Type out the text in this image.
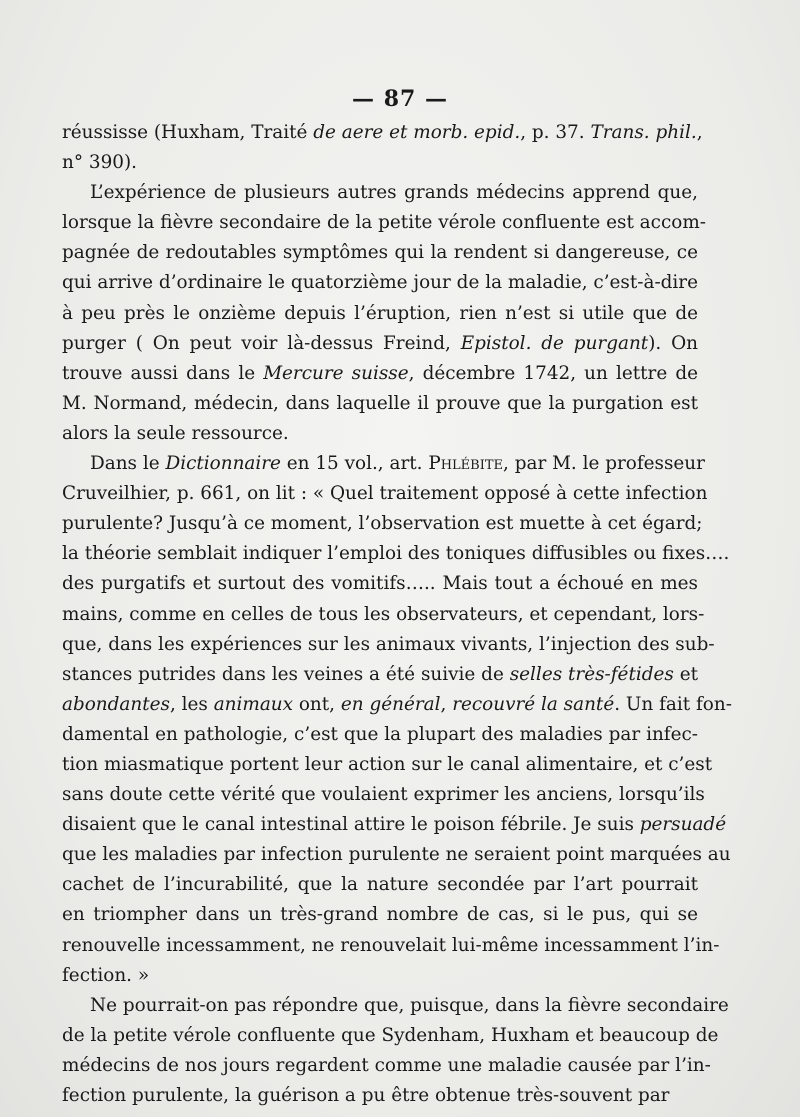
— 87 —
réussisse (Huxham, Traité de aere et morb. epid., p. 37. Trans. phil.,
n° 390).
L’expérience de plusieurs autres grands médecins apprend que,
lorsque la fièvre secondaire de la petite vérole confluente est accom-
pagnée de redoutables symptômes qui la rendent si dangereuse, ce
qui arrive d’ordinaire le quatorzième jour de la maladie, c’est-à-dire
à peu près le onzième depuis l’éruption, rien n’est si utile que de
purger ( On peut voir là-dessus Freind, Epistol. de purgant). On
trouve aussi dans le Mercure suisse, décembre 1742, un lettre de
M. Normand, médecin, dans laquelle il prouve que la purgation est
alors la seule ressource.
Dans le Dictionnaire en 15 vol., art. Phlébite, par M. le professeur
Cruveilhier, p. 661, on lit : « Quel traitement opposé à cette infection
purulente? Jusqu’à ce moment, l’observation est muette à cet égard;
la théorie semblait indiquer l’emploi des toniques diffusibles ou fixes….
des purgatifs et surtout des vomitifs….. Mais tout a échoué en mes
mains, comme en celles de tous les observateurs, et cependant, lors-
que, dans les expériences sur les animaux vivants, l’injection des sub-
stances putrides dans les veines a été suivie de selles très-fétides et
abondantes, les animaux ont, en général, recouvré la santé. Un fait fon-
damental en pathologie, c’est que la plupart des maladies par infec-
tion miasmatique portent leur action sur le canal alimentaire, et c’est
sans doute cette vérité que voulaient exprimer les anciens, lorsqu’ils
disaient que le canal intestinal attire le poison fébrile. Je suis persuadé
que les maladies par infection purulente ne seraient point marquées au
cachet de l’incurabilité, que la nature secondée par l’art pourrait
en triompher dans un très-grand nombre de cas, si le pus, qui se
renouvelle incessamment, ne renouvelait lui-même incessamment l’in-
fection. »
Ne pourrait-on pas répondre que, puisque, dans la fièvre secondaire
de la petite vérole confluente que Sydenham, Huxham et beaucoup de
médecins de nos jours regardent comme une maladie causée par l’in-
fection purulente, la guérison a pu être obtenue très-souvent par
